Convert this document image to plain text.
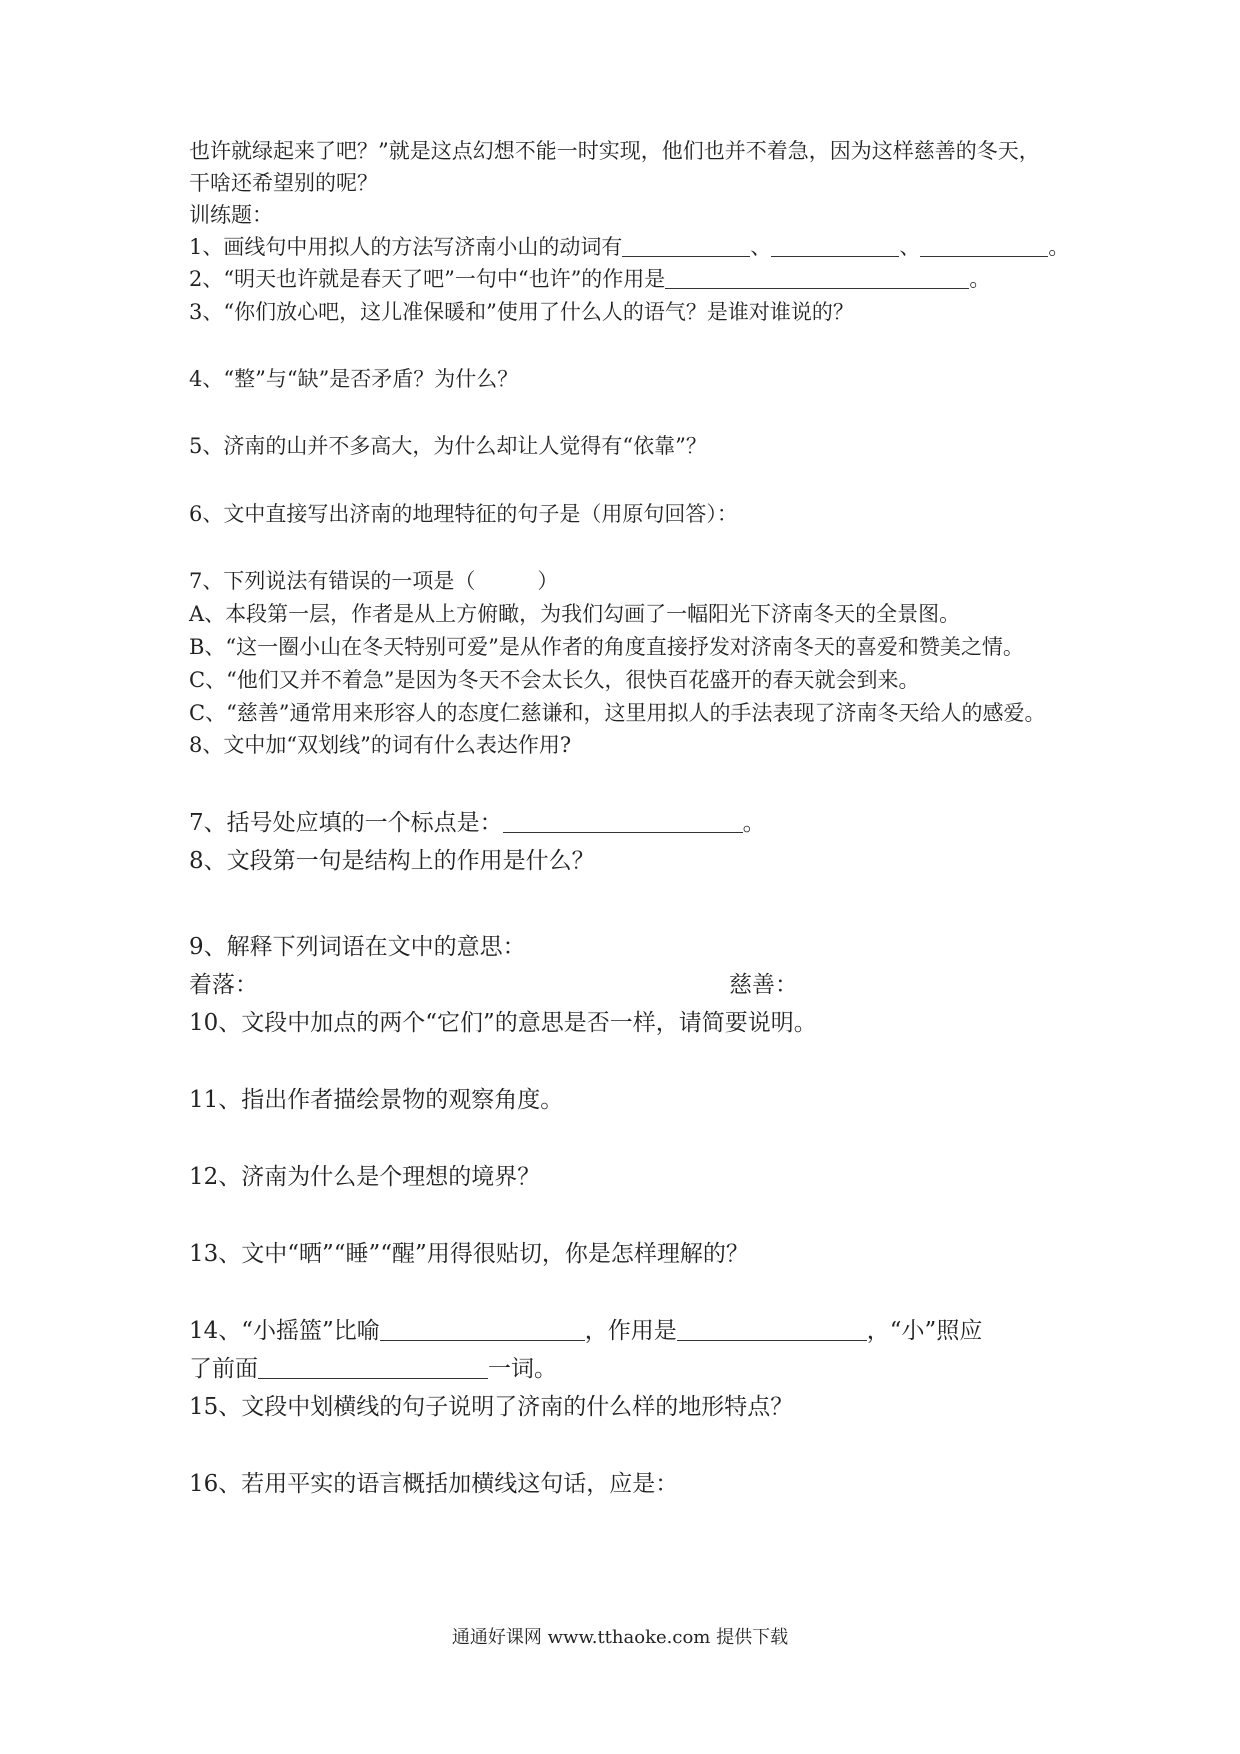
也许就绿起来了吧？”就是这点幻想不能一时实现，他们也并不着急，因为这样慈善的冬天，
干啥还希望别的呢？
训练题：
1、画线句中用拟人的方法写济南小山的动词有	、	、	。
2、“明天也许就是春天了吧”一句中“也许”的作用是	。
3、“你们放心吧，这儿准保暖和”使用了什么人的语气？是谁对谁说的？
4、“整”与“缺”是否矛盾？为什么？
5、济南的山并不多高大，为什么却让人觉得有“依靠”？
6、文中直接写出济南的地理特征的句子是（用原句回答）：
7、下列说法有错误的一项是（	）
A、本段第一层，作者是从上方俯瞰，为我们勾画了一幅阳光下济南冬天的全景图。
B、“这一圈小山在冬天特别可爱”是从作者的角度直接抒发对济南冬天的喜爱和赞美之情。
C、“他们又并不着急”是因为冬天不会太长久，很快百花盛开的春天就会到来。
C、“慈善”通常用来形容人的态度仁慈谦和，这里用拟人的手法表现了济南冬天给人的感爱。
8、文中加“双划线”的词有什么表达作用?
7、括号处应填的一个标点是：	。
8、文段第一句是结构上的作用是什么？
9、解释下列词语在文中的意思：
着落：	慈善：
10、文段中加点的两个“它们”的意思是否一样，请简要说明。
11、指出作者描绘景物的观察角度。
12、济南为什么是个理想的境界？
13、文中“晒”“睡”“醒”用得很贴切，你是怎样理解的？
14、“小摇篮”比喻	，作用是	，“小”照应
了前面	一词。
15、文段中划横线的句子说明了济南的什么样的地形特点？
16、若用平实的语言概括加横线这句话，应是：
通通好课网 www.tthaoke.com 提供下载
